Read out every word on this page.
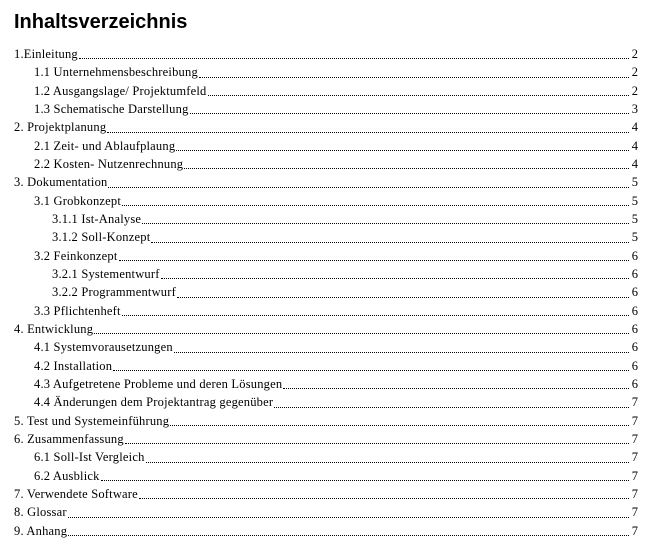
Inhaltsverzeichnis
1.Einleitung	2
1.1 Unternehmensbeschreibung	2
1.2 Ausgangslage/ Projektumfeld	2
1.3 Schematische Darstellung	3
2. Projektplanung	4
2.1 Zeit- und Ablaufplaung	4
2.2 Kosten- Nutzenrechnung	4
3. Dokumentation	5
3.1 Grobkonzept	5
3.1.1 Ist-Analyse	5
3.1.2 Soll-Konzept	5
3.2 Feinkonzept	6
3.2.1 Systementwurf	6
3.2.2 Programmentwurf	6
3.3 Pflichtenheft	6
4. Entwicklung	6
4.1 Systemvorausetzungen	6
4.2 Installation	6
4.3 Aufgetretene Probleme und deren Lösungen	6
4.4 Änderungen dem Projektantrag gegenüber	7
5. Test und Systemeinführung	7
6. Zusammenfassung	7
6.1 Soll-Ist Vergleich	7
6.2 Ausblick	7
7. Verwendete Software	7
8. Glossar	7
9. Anhang	7
